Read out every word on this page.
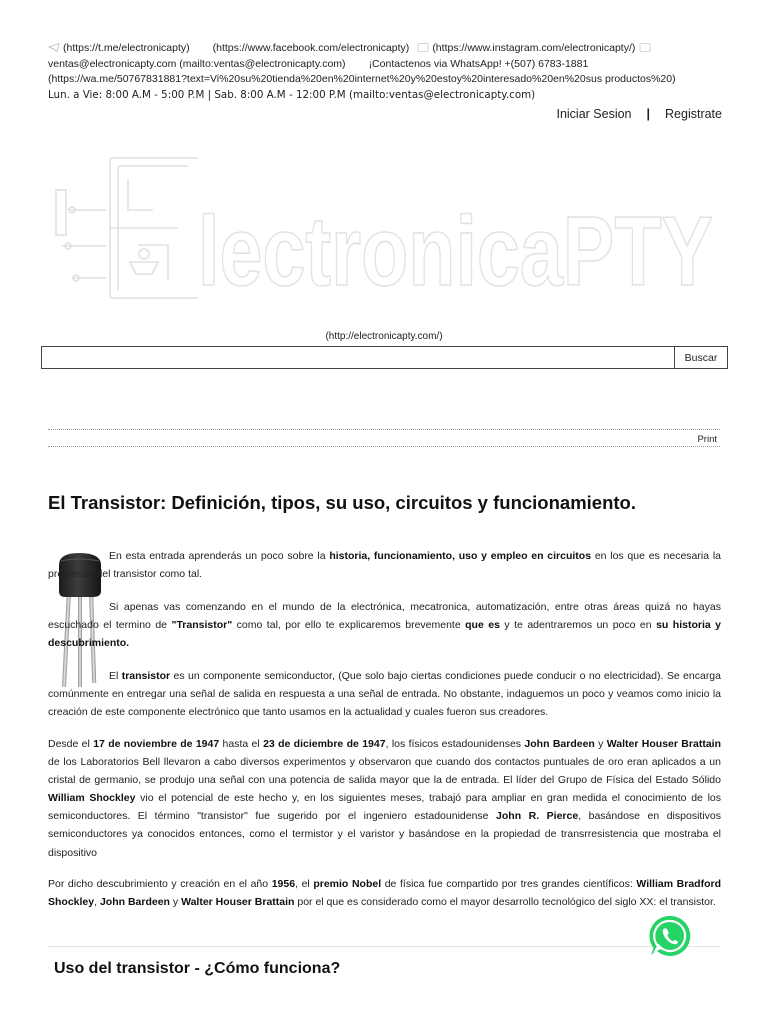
(https://t.me/electronicapty) (https://www.facebook.com/electronicapty) (https://www.instagram.com/electronicapty/)
ventas@electronicapty.com (mailto:ventas@electronicapty.com) ¡Contactenos via WhatsApp! +(507) 6783-1881
(https://wa.me/50767831881?text=Vi%20su%20tienda%20en%20internet%20y%20estoy%20interesado%20en%20sus productos%20)
Lun. a Vie: 8:00 A.M - 5:00 P.M | Sab. 8:00 A.M - 12:00 P.M (mailto:ventas@electronicapty.com)
Iniciar Sesion | Registrate
lectronicaPTY
(http://electronicapty.com/)
Buscar
Print
El Transistor: Definición, tipos, su uso, circuitos y funcionamiento.
En esta entrada aprenderás un poco sobre la historia, funcionamiento, uso y empleo en circuitos en los que es necesaria la presencia del transistor como tal.
Si apenas vas comenzando en el mundo de la electrónica, mecatronica, automatización, entre otras áreas quizá no hayas escuchado el termino de "Transistor" como tal, por ello te explicaremos brevemente que es y te adentraremos un poco en su historia y descubrimiento.
El transistor es un componente semiconductor, (Que solo bajo ciertas condiciones puede conducir o no electricidad). Se encarga comúnmente en entregar una señal de salida en respuesta a una señal de entrada. No obstante, indaguemos un poco y veamos como inicio la creación de este componente electrónico que tanto usamos en la actualidad y cuales fueron sus creadores.
Desde el 17 de noviembre de 1947 hasta el 23 de diciembre de 1947, los físicos estadounidenses John Bardeen y Walter Houser Brattain de los Laboratorios Bell llevaron a cabo diversos experimentos y observaron que cuando dos contactos puntuales de oro eran aplicados a un cristal de germanio, se produjo una señal con una potencia de salida mayor que la de entrada. El líder del Grupo de Física del Estado Sólido William Shockley vio el potencial de este hecho y, en los siguientes meses, trabajó para ampliar en gran medida el conocimiento de los semiconductores. El término "transistor" fue sugerido por el ingeniero estadounidense John R. Pierce, basándose en dispositivos semiconductores ya conocidos entonces, como el termistor y el varistor y basándose en la propiedad de transrresistencia que mostraba el dispositivo
Por dicho descubrimiento y creación en el año 1956, el premio Nobel de física fue compartido por tres grandes científicos: William Bradford Shockley, John Bardeen y Walter Houser Brattain por el que es considerado como el mayor desarrollo tecnológico del siglo XX: el transistor.
Uso del transistor - ¿Cómo funciona?
